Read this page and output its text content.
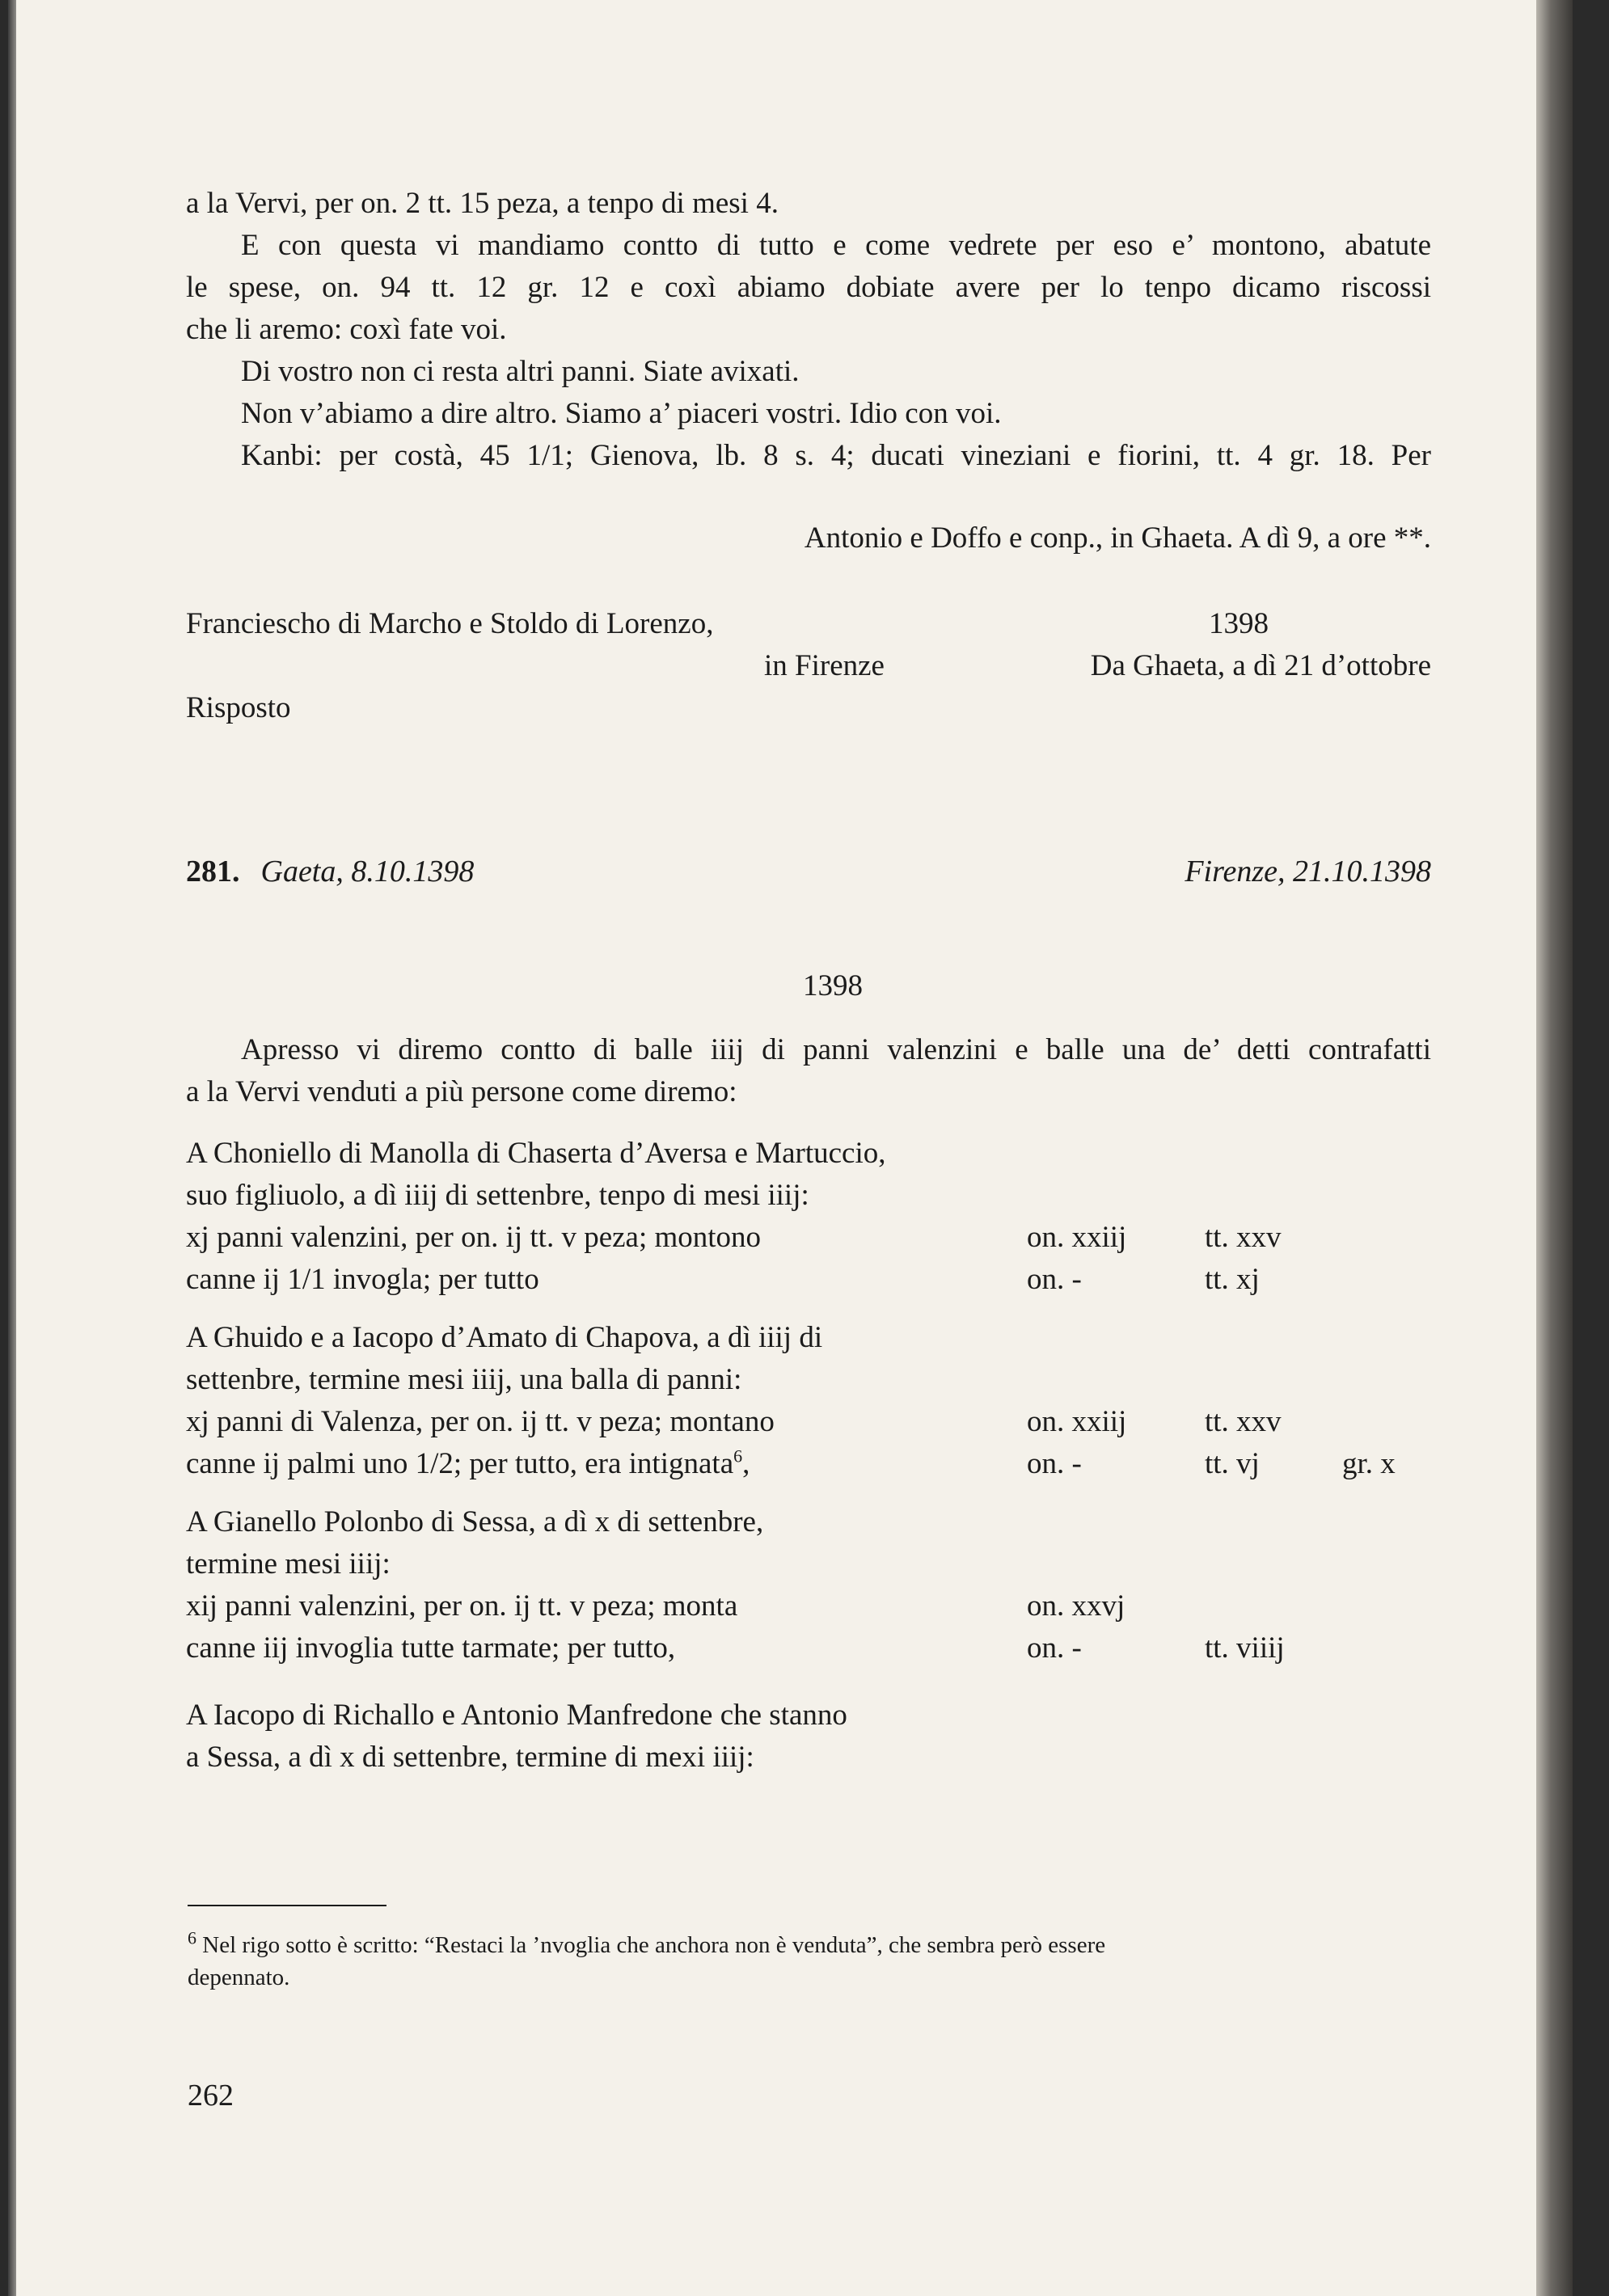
a la Vervi, per on. 2 tt. 15 peza, a tenpo di mesi 4.
E con questa vi mandiamo contto di tutto e come vedrete per eso e’ montono, abatute
le spese, on. 94 tt. 12 gr. 12 e coxì abiamo dobiate avere per lo tenpo dicamo riscossi
che li aremo: coxì fate voi.
Di vostro non ci resta altri panni. Siate avixati.
Non v’abiamo a dire altro. Siamo a’ piaceri vostri. Idio con voi.
Kanbi: per costà, 45 1/1; Gienova, lb. 8 s. 4; ducati vineziani e fiorini, tt. 4 gr. 18. Per
Antonio e Doffo e conp., in Ghaeta. A dì 9, a ore **.
Franciescho di Marcho e Stoldo di Lorenzo,	1398
in Firenze	Da Ghaeta, a dì 21 d’ottobre
Risposto
281. Gaeta, 8.10.1398	Firenze, 21.10.1398
1398
Apresso vi diremo contto di balle iiij di panni valenzini e balle una de’ detti contrafatti
a la Vervi venduti a più persone come diremo:
A Choniello di Manolla di Chaserta d’Aversa e Martuccio,
suo figliuolo, a dì iiij di settenbre, tenpo di mesi iiij:
xj panni valenzini, per on. ij tt. v peza; montono	on. xxiij	tt. xxv
canne ij 1/1 invogla; per tutto	on. -	tt. xj
A Ghuido e a Iacopo d’Amato di Chapova, a dì iiij di
settenbre, termine mesi iiij, una balla di panni:
xj panni di Valenza, per on. ij tt. v peza; montano	on. xxiij	tt. xxv
canne ij palmi uno 1/2; per tutto, era intignata$^6$,	on. -	tt. vj	gr. x
A Gianello Polonbo di Sessa, a dì x di settenbre,
termine mesi iiij:
xij panni valenzini, per on. ij tt. v peza; monta	on. xxvj
canne iij invoglia tutte tarmate; per tutto,	on. -	tt. viiij
A Iacopo di Richallo e Antonio Manfredone che stanno
a Sessa, a dì x di settenbre, termine di mexi iiij:
$^6$ Nel rigo sotto è scritto: “Restaci la ’nvoglia che anchora non è venduta”, che sembra però essere
depennato.
262
